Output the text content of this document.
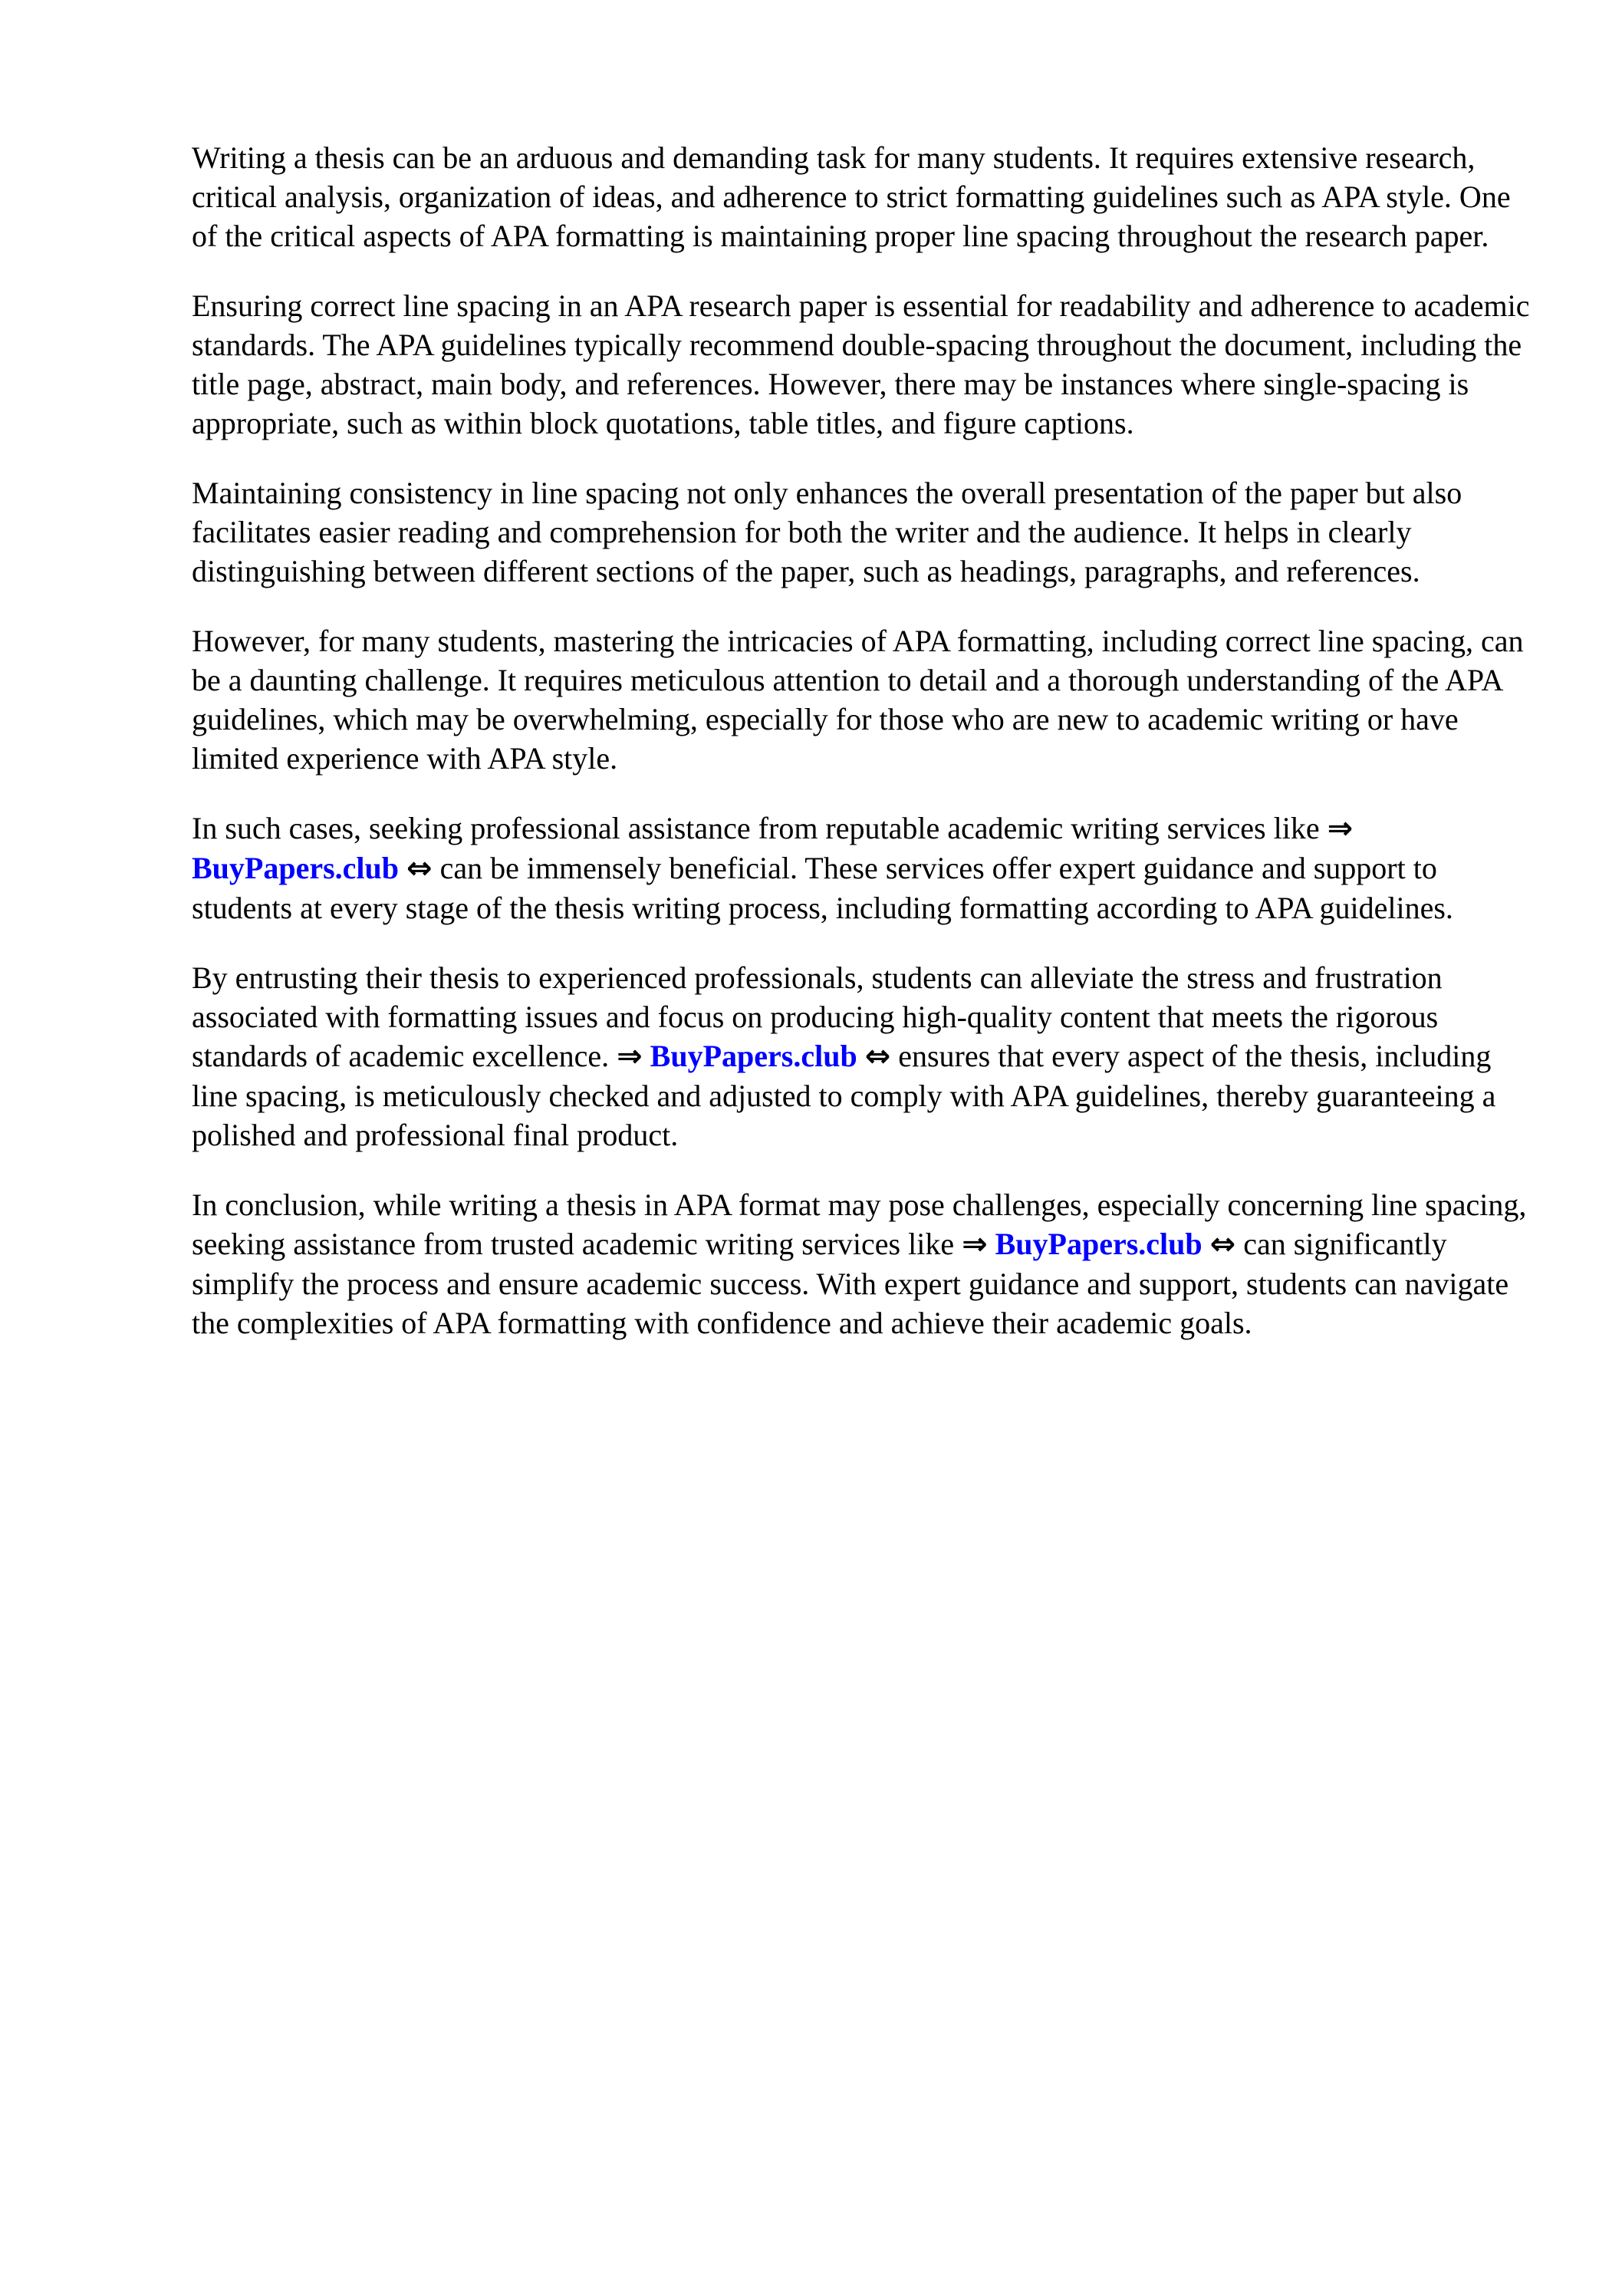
Writing a thesis can be an arduous and demanding task for many students. It requires extensive research, critical analysis, organization of ideas, and adherence to strict formatting guidelines such as APA style. One of the critical aspects of APA formatting is maintaining proper line spacing throughout the research paper.

Ensuring correct line spacing in an APA research paper is essential for readability and adherence to academic standards. The APA guidelines typically recommend double-spacing throughout the document, including the title page, abstract, main body, and references. However, there may be instances where single-spacing is appropriate, such as within block quotations, table titles, and figure captions.

Maintaining consistency in line spacing not only enhances the overall presentation of the paper but also facilitates easier reading and comprehension for both the writer and the audience. It helps in clearly distinguishing between different sections of the paper, such as headings, paragraphs, and references.

However, for many students, mastering the intricacies of APA formatting, including correct line spacing, can be a daunting challenge. It requires meticulous attention to detail and a thorough understanding of the APA guidelines, which may be overwhelming, especially for those who are new to academic writing or have limited experience with APA style.

In such cases, seeking professional assistance from reputable academic writing services like ⇒ BuyPapers.club ⇔ can be immensely beneficial. These services offer expert guidance and support to students at every stage of the thesis writing process, including formatting according to APA guidelines.

By entrusting their thesis to experienced professionals, students can alleviate the stress and frustration associated with formatting issues and focus on producing high-quality content that meets the rigorous standards of academic excellence. ⇒ BuyPapers.club ⇔ ensures that every aspect of the thesis, including line spacing, is meticulously checked and adjusted to comply with APA guidelines, thereby guaranteeing a polished and professional final product.

In conclusion, while writing a thesis in APA format may pose challenges, especially concerning line spacing, seeking assistance from trusted academic writing services like ⇒ BuyPapers.club ⇔ can significantly simplify the process and ensure academic success. With expert guidance and support, students can navigate the complexities of APA formatting with confidence and achieve their academic goals.
